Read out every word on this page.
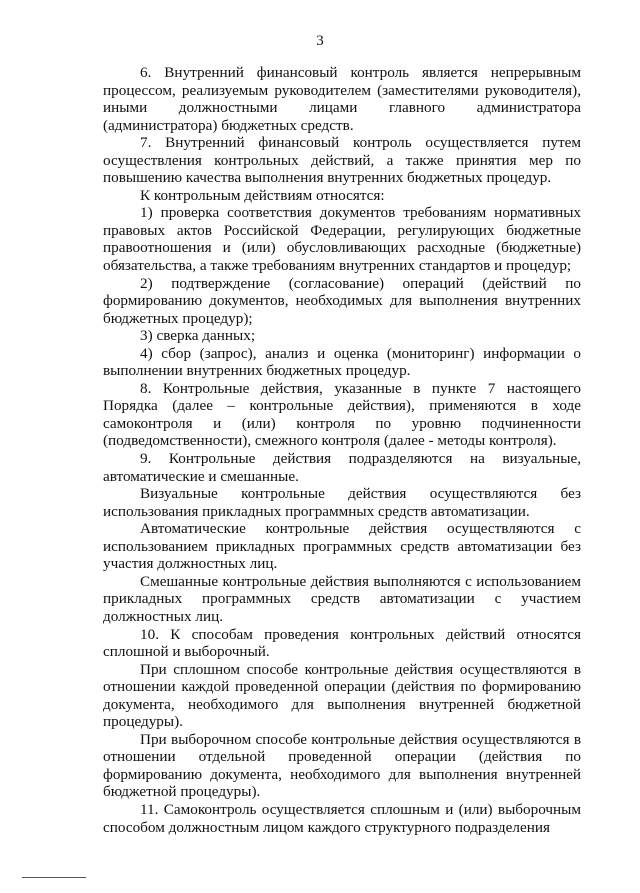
3

6. Внутренний финансовый контроль является непрерывным процессом, реализуемым руководителем (заместителями руководителя), иными должностными лицами главного администратора (администратора) бюджетных средств.

7. Внутренний финансовый контроль осуществляется путем осуществления контрольных действий, а также принятия мер по повышению качества выполнения внутренних бюджетных процедур.

К контрольным действиям относятся:

1) проверка соответствия документов требованиям нормативных правовых актов Российской Федерации, регулирующих бюджетные правоотношения и (или) обусловливающих расходные (бюджетные) обязательства, а также требованиям внутренних стандартов и процедур;

2) подтверждение (согласование) операций (действий по формированию документов, необходимых для выполнения внутренних бюджетных процедур);

3) сверка данных;

4) сбор (запрос), анализ и оценка (мониторинг) информации о выполнении внутренних бюджетных процедур.

8. Контрольные действия, указанные в пункте 7 настоящего Порядка (далее – контрольные действия), применяются в ходе самоконтроля и (или) контроля по уровню подчиненности (подведомственности), смежного контроля (далее - методы контроля).

9. Контрольные действия подразделяются на визуальные, автоматические и смешанные.

Визуальные контрольные действия осуществляются без использования прикладных программных средств автоматизации.

Автоматические контрольные действия осуществляются с использованием прикладных программных средств автоматизации без участия должностных лиц.

Смешанные контрольные действия выполняются с использованием прикладных программных средств автоматизации с участием должностных лиц.

10. К способам проведения контрольных действий относятся сплошной и выборочный.

При сплошном способе контрольные действия осуществляются в отношении каждой проведенной операции (действия по формированию документа, необходимого для выполнения внутренней бюджетной процедуры).

При выборочном способе контрольные действия осуществляются в отношении отдельной проведенной операции (действия по формированию документа, необходимого для выполнения внутренней бюджетной процедуры).

11. Самоконтроль осуществляется сплошным и (или) выборочным способом должностным лицом каждого структурного подразделения
